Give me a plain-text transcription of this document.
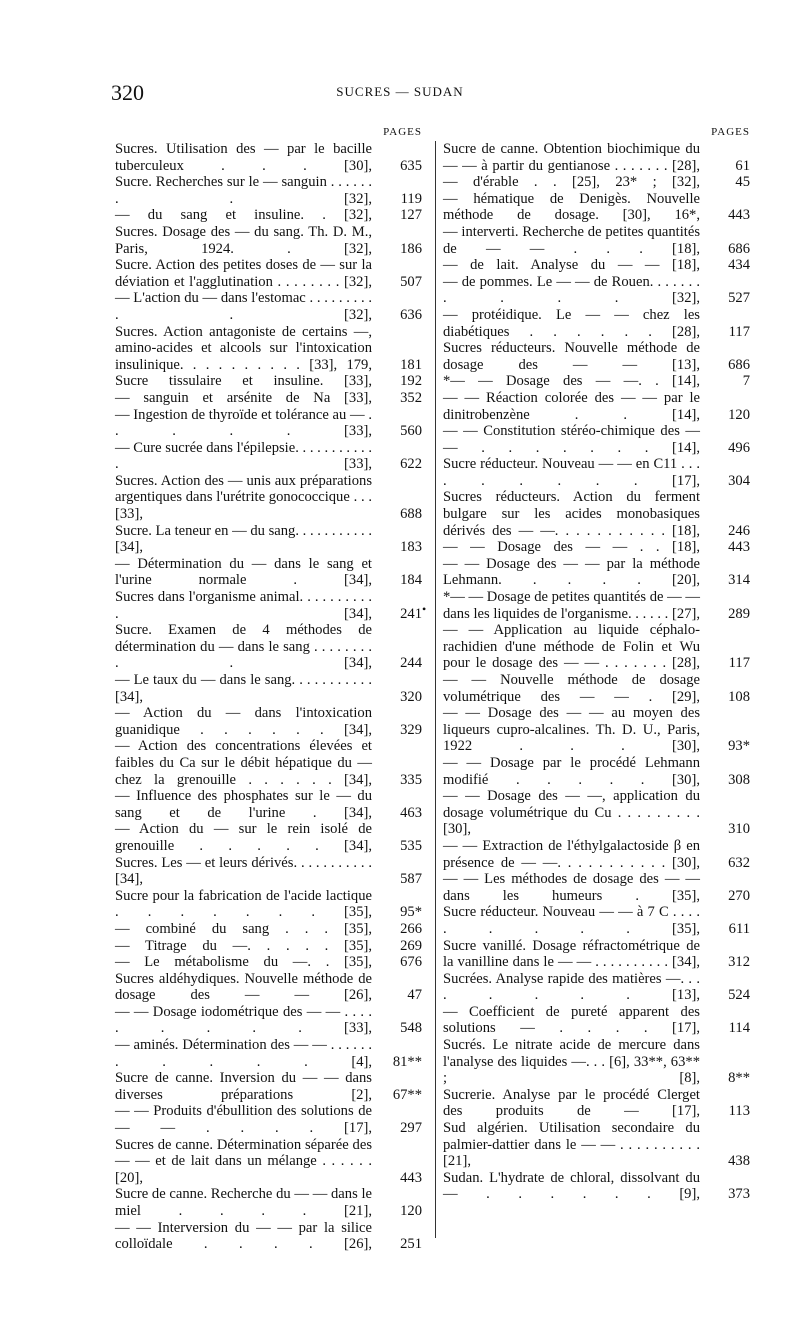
320	SUCRES — SUDAN
PAGES
Sucres. Utilisation des — par le bacille tuberculeux . . . [30],	635
Sucre. Recherches sur le — sanguin . . . . . . . . [32],	119
— du sang et insuline. . [32],	127
Sucres. Dosage des — du sang. Th. D. M., Paris, 1924. . [32],	186
Sucre. Action des petites doses de — sur la déviation et l'agglutination . . . . . . . . [32],	507
— L'action du — dans l'estomac . . . . . . . . . . . [32],	636
Sucres. Action antagoniste de certains —, amino-acides et alcools sur l'intoxication insulinique. . . . . . . . . . [33], 179,	181
Sucre tissulaire et insuline. [33],	192
— sanguin et arsénite de Na [33],	352
— Ingestion de thyroïde et tolérance au — . . . . . [33],	560
— Cure sucrée dans l'épilepsie. . . . . . . . . . . . [33],	622
Sucres. Action des — unis aux préparations argentiques dans l'urétrite gonococcique . . . [33],	688
Sucre. La teneur en — du sang. . . . . . . . . . . [34],	183
— Détermination du — dans le sang et l'urine normale . [34],	184
Sucres dans l'organisme animal. . . . . . . . . . . [34],	241
Sucre. Examen de 4 méthodes de détermination du — dans le sang . . . . . . . . . . [34],	244
— Le taux du — dans le sang. . . . . . . . . . . [34],	320
— Action du — dans l'intoxication guanidique . . . . . . [34],	329
— Action des concentrations élevées et faibles du Ca sur le débit hépatique du — chez la grenouille . . . . . . [34],	335
— Influence des phosphates sur le — du sang et de l'urine . [34],	463
— Action du — sur le rein isolé de grenouille . . . . . [34],	535
Sucres. Les — et leurs dérivés. . . . . . . . . . . [34],	587
Sucre pour la fabrication de l'acide lactique . . . . . . . [35],	95*
— combiné du sang . . . [35],	266
— Titrage du —. . . . . [35],	269
— Le métabolisme du —. . [35],	676
Sucres aldéhydiques. Nouvelle méthode de dosage des — — [26],	47
— — Dosage iodométrique des — — . . . . . . . . . [33],	548
— aminés. Détermination des — — . . . . . . . . . . . [4],	81**
Sucre de canne. Inversion du — — dans diverses préparations [2],	67**
— — Produits d'ébullition des solutions de — — . . . . [17],	297
Sucres de canne. Détermination séparée des — — et de lait dans un mélange . . . . . . [20],	443
Sucre de canne. Recherche du — — dans le miel . . . . [21],	120
— — Interversion du — — par la silice colloïdale . . . . [26],	251
PAGES
Sucre de canne. Obtention biochimique du — — à partir du gentianose . . . . . . . [28],	61
— d'érable . . [25], 23* ; [32],	45
— hématique de Denigès. Nouvelle méthode de dosage. [30], 16*,	443
— interverti. Recherche de petites quantités de — — . . . [18],	686
— de lait. Analyse du — — [18],	434
— de pommes. Le — — de Rouen. . . . . . . . . . . [32],	527
— protéidique. Le — — chez les diabétiques . . . . . . [28],	117
Sucres réducteurs. Nouvelle méthode de dosage des — — [13],	686
*— — Dosage des — —. . [14],	7
— — Réaction colorée des — — par le dinitrobenzène . . [14],	120
— — Constitution stéréo-chimique des — — . . . . . . . [14],	496
Sucre réducteur. Nouveau — — en C11 . . . . . . . . . [17],	304
Sucres réducteurs. Action du ferment bulgare sur les acides monobasiques dérivés des — —. . . . . . . . . . . [18],	246
— — Dosage des — — . . [18],	443
— — Dosage des — — par la méthode Lehmann. . . . . [20],	314
*— — Dosage de petites quantités de — — dans les liquides de l'organisme. . . . . . [27],	289
— — Application au liquide céphalo-rachidien d'une méthode de Folin et Wu pour le dosage des — — . . . . . . . [28],	117
— — Nouvelle méthode de dosage volumétrique des — — . [29],	108
— — Dosage des — — au moyen des liqueurs cupro-alcalines. Th. D. U., Paris, 1922 . . . [30],	93*
— — Dosage par le procédé Lehmann modifié . . . . . [30],	308
— — Dosage des — —, application du dosage volumétrique du Cu . . . . . . . . . [30],	310
— — Extraction de l'éthylgalactoside β en présence de — —. . . . . . . . . . . [30],	632
— — Les méthodes de dosage des — — dans les humeurs . [35],	270
Sucre réducteur. Nouveau — — à 7 C . . . . . . . . . [35],	611
Sucre vanillé. Dosage réfractométrique de la vanilline dans le — — . . . . . . . . . . [34],	312
Sucrées. Analyse rapide des matières —. . . . . . . . [13],	524
— Coefficient de pureté apparent des solutions — . . . . [17],	114
Sucrés. Le nitrate acide de mercure dans l'analyse des liquides —. . . [6], 33**, 63** ; [8],	8**
Sucrerie. Analyse par le procédé Clerget des produits de — [17],	113
Sud algérien. Utilisation secondaire du palmier-dattier dans le — — . . . . . . . . . . [21],	438
Sudan. L'hydrate de chloral, dissolvant du — . . . . . . [9],	373
•
